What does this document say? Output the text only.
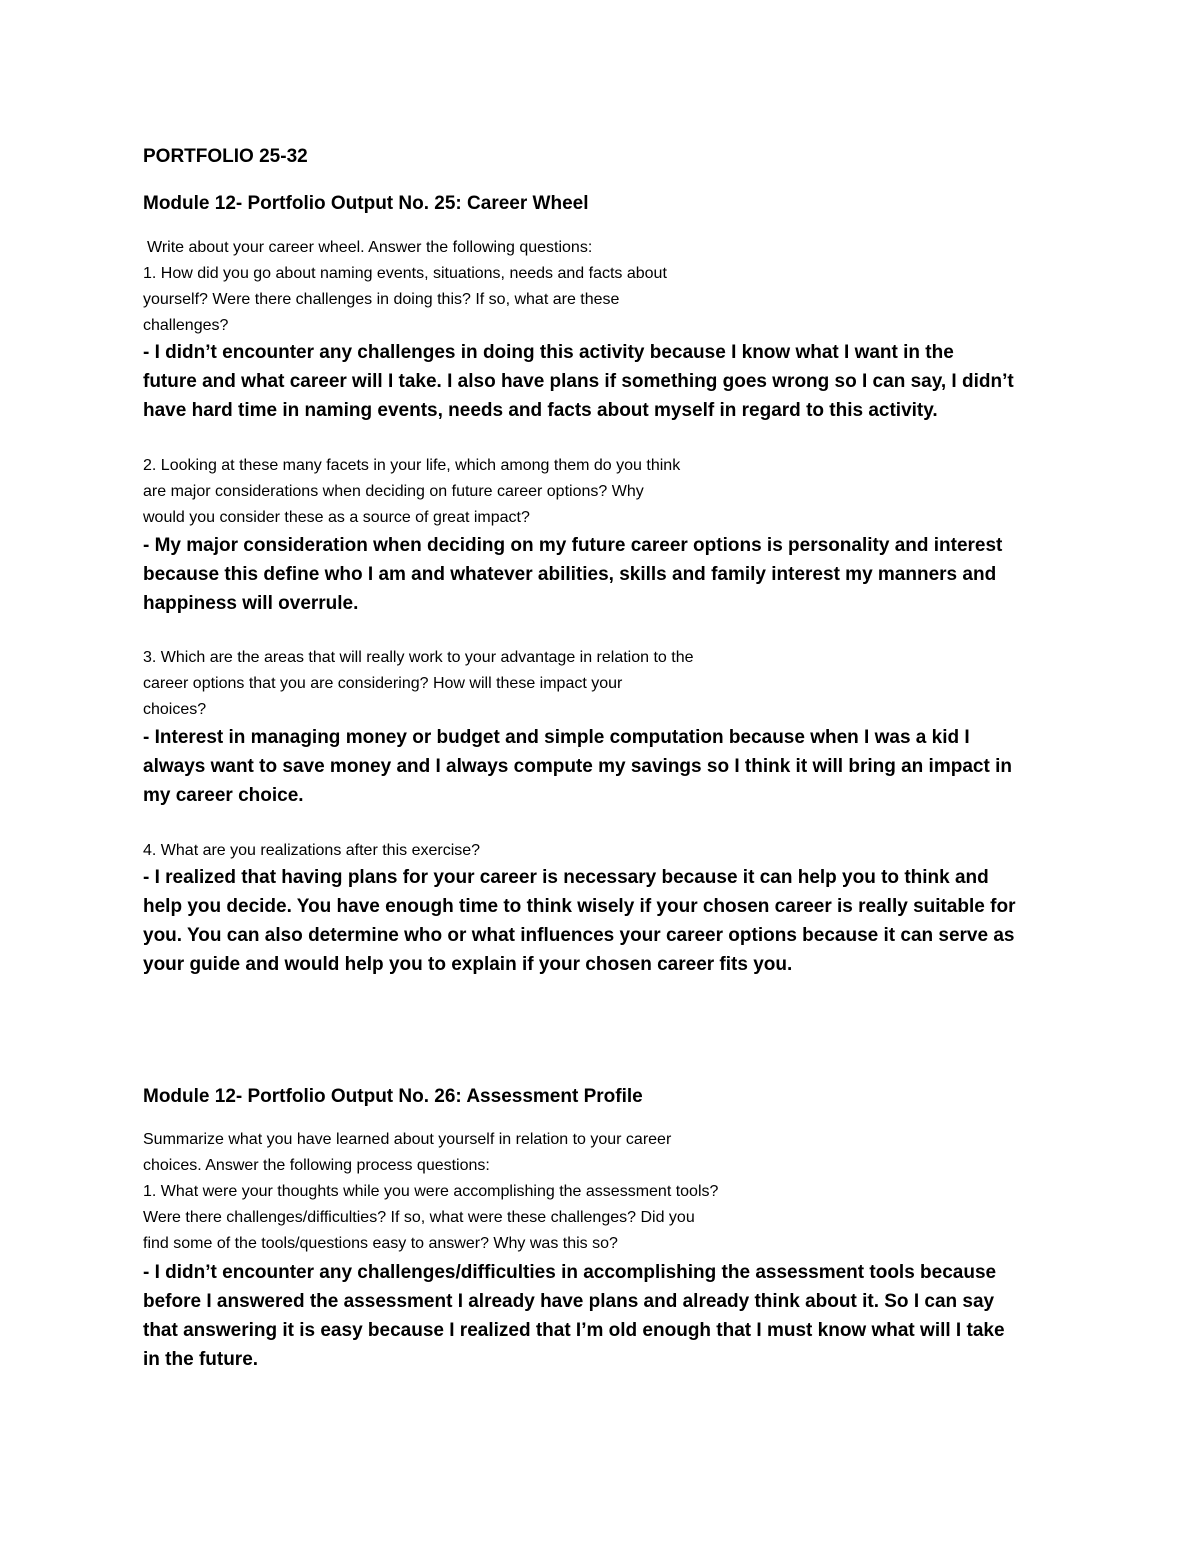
PORTFOLIO 25-32
Module 12- Portfolio Output No. 25: Career Wheel
Write about your career wheel. Answer the following questions:
1. How did you go about naming events, situations, needs and facts about
yourself? Were there challenges in doing this? If so, what are these
challenges?
- I didn’t encounter any challenges in doing this activity because I know what I want in the
future and what career will I take. I also have plans if something goes wrong so I can say, I didn’t
have hard time in naming events, needs and facts about myself in regard to this activity.
2. Looking at these many facets in your life, which among them do you think
are major considerations when deciding on future career options? Why
would you consider these as a source of great impact?
- My major consideration when deciding on my future career options is personality and interest
because this define who I am and whatever abilities, skills and family interest my manners and
happiness will overrule.
3. Which are the areas that will really work to your advantage in relation to the
career options that you are considering? How will these impact your
choices?
- Interest in managing money or budget and simple computation because when I was a kid I
always want to save money and I always compute my savings so I think it will bring an impact in
my career choice.
4. What are you realizations after this exercise?
- I realized that having plans for your career is necessary because it can help you to think and
help you decide. You have enough time to think wisely if your chosen career is really suitable for
you. You can also determine who or what influences your career options because it can serve as
your guide and would help you to explain if your chosen career fits you.
Module 12- Portfolio Output No. 26: Assessment Profile
Summarize what you have learned about yourself in relation to your career
choices. Answer the following process questions:
1. What were your thoughts while you were accomplishing the assessment tools?
Were there challenges/difficulties? If so, what were these challenges? Did you
find some of the tools/questions easy to answer? Why was this so?
- I didn’t encounter any challenges/difficulties in accomplishing the assessment tools because
before I answered the assessment I already have plans and already think about it. So I can say
that answering it is easy because I realized that I’m old enough that I must know what will I take
in the future.
